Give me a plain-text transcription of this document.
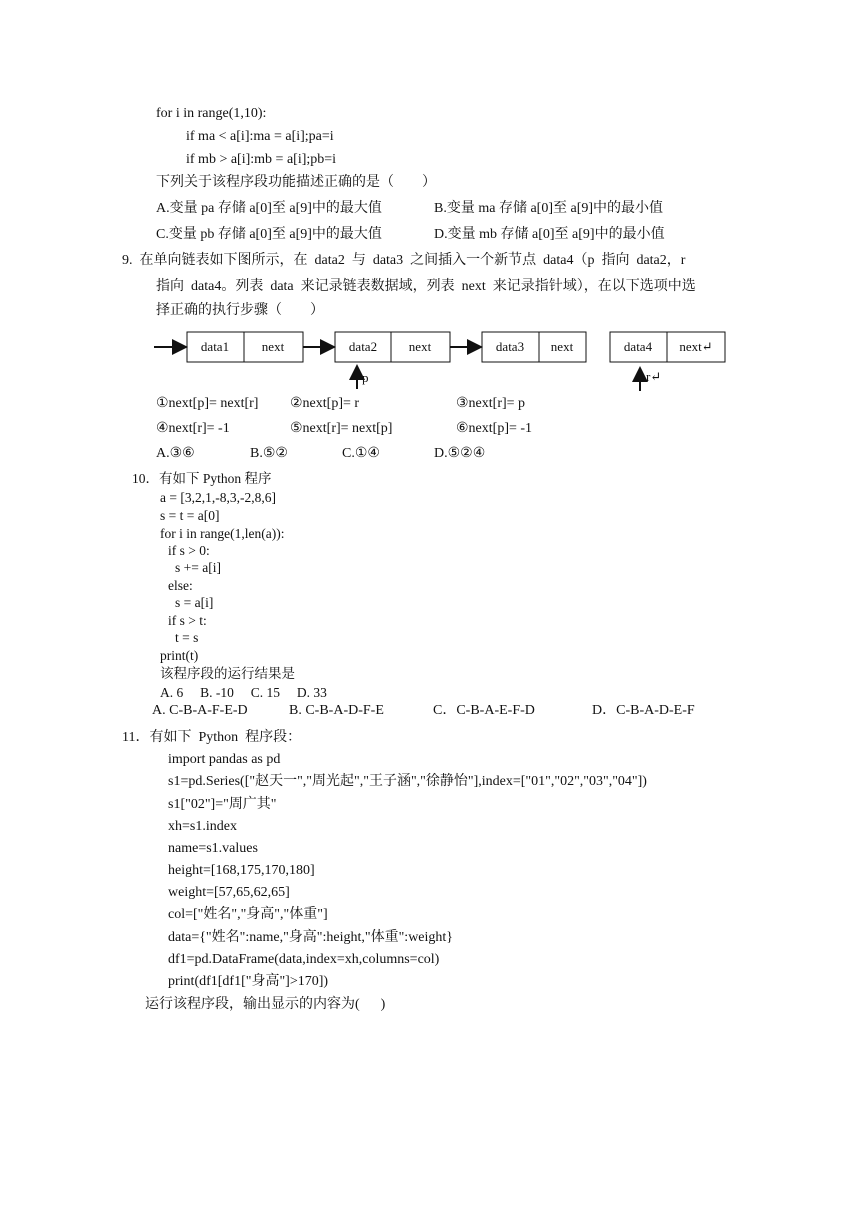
for i in range(1,10):
if ma < a[i]:ma = a[i];pa=i
if mb > a[i]:mb = a[i];pb=i
下列关于该程序段功能描述正确的是（　　）
A.变量 pa 存储 a[0]至 a[9]中的最大值	B.变量 ma 存储 a[0]至 a[9]中的最小值
C.变量 pb 存储 a[0]至 a[9]中的最大值	D.变量 mb 存储 a[0]至 a[9]中的最小值
9.  在单向链表如下图所示，在  data2  与  data3  之间插入一个新节点  data4（p  指向  data2，r
指向  data4。列表  data  来记录链表数据域，列表  next  来记录指针域），在以下选项中选
择正确的执行步骤（　　）
data1	next	data2 next	data3 next	data4 next↵
p	r↵
①next[p]= next[r] ②next[p]= r	③next[r]= p
④next[r]= -1	⑤next[r]= next[p]	⑥next[p]= -1
A.③⑥	B.⑤②	C.①④	D.⑤②④
10．有如下 Python 程序
a = [3,2,1,-8,3,-2,8,6]
s = t = a[0]
for i in range(1,len(a)):
if s > 0:
s += a[i]
else:
s = a[i]
if s > t:
t = s
print(t)
该程序段的运行结果是
A. 6     B. -10     C. 15     D. 33
A. C-B-A-F-E-D	B. C-B-A-D-F-E	C．C-B-A-E-F-D	D．C-B-A-D-E-F
11．有如下  Python  程序段：
import pandas as pd
s1=pd.Series(["赵天一","周光起","王子涵","徐静怡"],index=["01","02","03","04"])
s1["02"]="周广其"
xh=s1.index
name=s1.values
height=[168,175,170,180]
weight=[57,65,62,65]
col=["姓名","身高","体重"]
data={"姓名":name,"身高":height,"体重":weight}
df1=pd.DataFrame(data,index=xh,columns=col)
print(df1[df1["身高"]>170])
运行该程序段，输出显示的内容为(      )
